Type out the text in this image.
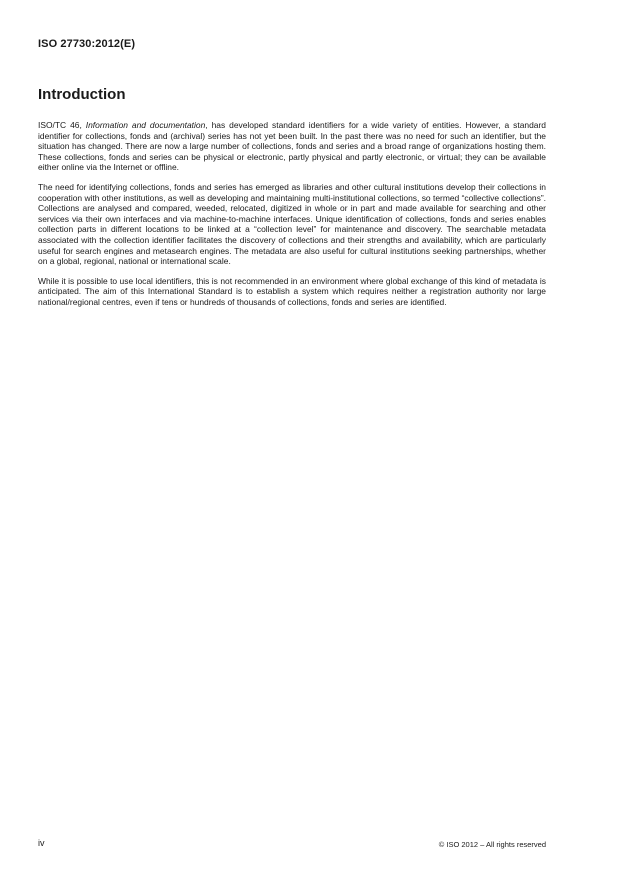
ISO 27730:2012(E)
Introduction

ISO/TC 46, Information and documentation, has developed standard identifiers for a wide variety of entities. However, a standard identifier for collections, fonds and (archival) series has not yet been built. In the past there was no need for such an identifier, but the situation has changed. There are now a large number of collections, fonds and series and a broad range of organizations hosting them. These collections, fonds and series can be physical or electronic, partly physical and partly electronic, or virtual; they can be available either online via the Internet or offline.

The need for identifying collections, fonds and series has emerged as libraries and other cultural institutions develop their collections in cooperation with other institutions, as well as developing and maintaining multi-institutional collections, so termed “collective collections”. Collections are analysed and compared, weeded, relocated, digitized in whole or in part and made available for searching and other services via their own interfaces and via machine-to-machine interfaces. Unique identification of collections, fonds and series enables collection parts in different locations to be linked at a “collection level” for maintenance and discovery. The searchable metadata associated with the collection identifier facilitates the discovery of collections and their strengths and availability, which are particularly useful for search engines and metasearch engines. The metadata are also useful for cultural institutions seeking partnerships, whether on a global, regional, national or international scale.

While it is possible to use local identifiers, this is not recommended in an environment where global exchange of this kind of metadata is anticipated. The aim of this International Standard is to establish a system which requires neither a registration authority nor large national/regional centres, even if tens or hundreds of thousands of collections, fonds and series are identified.

iv	© ISO 2012 – All rights reserved
